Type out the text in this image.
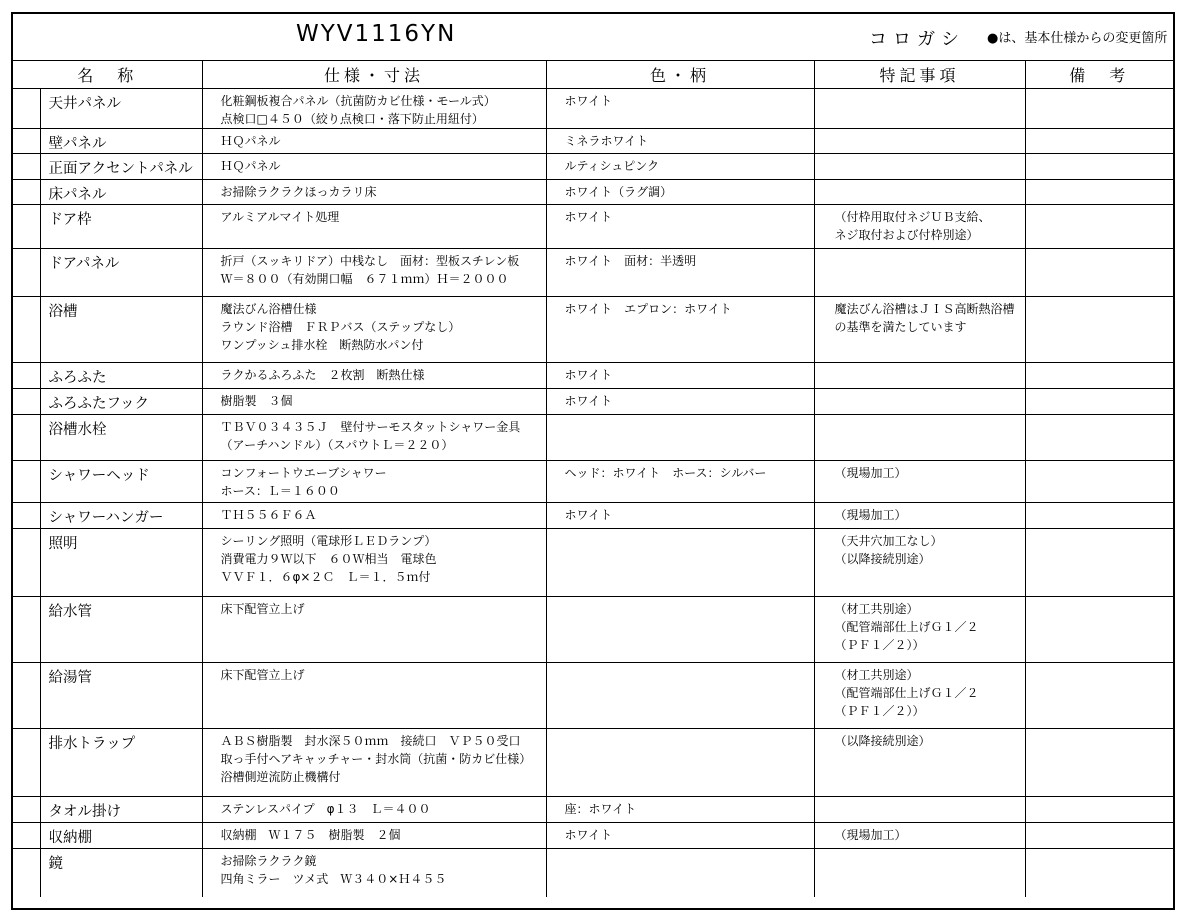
WYV1116YN	コロガシ ●は、基本仕様からの変更箇所
名　称		仕様・寸法	色・柄	特記事項	備　考
	天井パネル	化粧鋼板複合パネル（抗菌防カビ仕様・モール式）
点検口□４５０（絞り点検口・落下防止用紐付）	ホワイト		

	壁パネル	ＨＱパネル	ミネラホワイト		

	正面アクセントパネル	ＨＱパネル	ルティシュピンク		

	床パネル	お掃除ラクラクほっカラリ床	ホワイト（ラグ調）		

	ドア枠	アルミアルマイト処理	ホワイト	（付枠用取付ネジＵＢ支給、
ネジ取付および付枠別途）	

	ドアパネル	折戸（スッキリドア）中桟なし　面材：型板スチレン板
Ｗ＝８００（有効開口幅　６７１ｍｍ）Ｈ＝２０００	ホワイト　面材：半透明		

	浴槽	魔法びん浴槽仕様
ラウンド浴槽　ＦＲＰバス（ステップなし）
ワンプッシュ排水栓　断熱防水パン付	ホワイト　エプロン：ホワイト	魔法びん浴槽はＪＩＳ高断熱浴槽
の基準を満たしています	

	ふろふた	ラクかるふろふた　２枚割　断熱仕様	ホワイト		

	ふろふたフック	樹脂製　３個	ホワイト		

	浴槽水栓	ＴＢＶ０３４３５Ｊ　壁付サーモスタットシャワー金具
（アーチハンドル）（スパウトＬ＝２２０）			

	シャワーヘッド	コンフォートウエーブシャワー
ホース：Ｌ＝１６００	ヘッド：ホワイト　ホース：シルバー	（現場加工）	

	シャワーハンガー	ＴＨ５５６Ｆ６Ａ	ホワイト	（現場加工）	

	照明	シーリング照明（電球形ＬＥＤランプ）
消費電力９Ｗ以下　６０Ｗ相当　電球色
ＶＶＦ１．６φ×２Ｃ　Ｌ＝１．５ｍ付		（天井穴加工なし）
（以降接続別途）	

	給水管	床下配管立上げ		（材工共別途）
（配管端部仕上げＧ１／２
（ＰＦ１／２））	

	給湯管	床下配管立上げ		（材工共別途）
（配管端部仕上げＧ１／２
（ＰＦ１／２））	

	排水トラップ	ＡＢＳ樹脂製　封水深５０ｍｍ　接続口　ＶＰ５０受口
取っ手付ヘアキャッチャー・封水筒（抗菌・防カビ仕様）
浴槽側逆流防止機構付		（以降接続別途）	

	タオル掛け	ステンレスパイプ　φ１３　Ｌ＝４００	座：ホワイト		

	収納棚	収納棚　Ｗ１７５　樹脂製　２個	ホワイト	（現場加工）	

	鏡	お掃除ラクラク鏡
四角ミラー　ツメ式　Ｗ３４０×Ｈ４５５			
